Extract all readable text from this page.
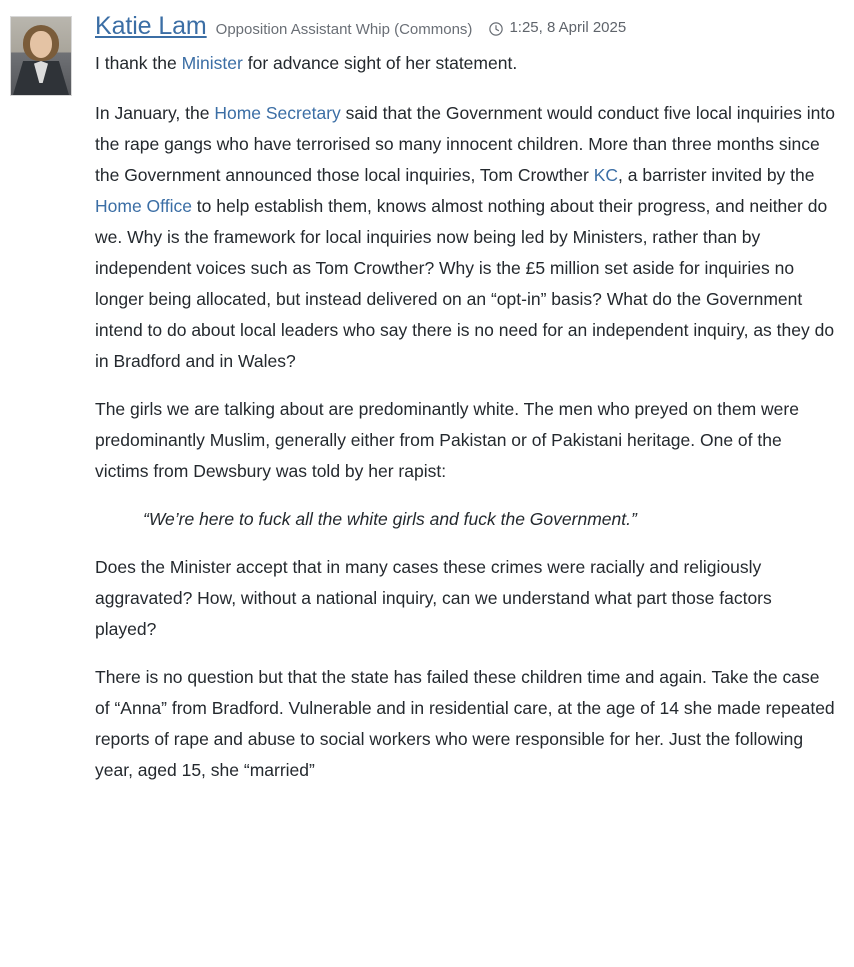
Katie Lam Opposition Assistant Whip (Commons) 1:25, 8 April 2025

I thank the Minister for advance sight of her statement.

In January, the Home Secretary said that the Government would conduct five local inquiries into the rape gangs who have terrorised so many innocent children. More than three months since the Government announced those local inquiries, Tom Crowther KC, a barrister invited by the Home Office to help establish them, knows almost nothing about their progress, and neither do we. Why is the framework for local inquiries now being led by Ministers, rather than by independent voices such as Tom Crowther? Why is the £5 million set aside for inquiries no longer being allocated, but instead delivered on an “opt-in” basis? What do the Government intend to do about local leaders who say there is no need for an independent inquiry, as they do in Bradford and in Wales?

The girls we are talking about are predominantly white. The men who preyed on them were predominantly Muslim, generally either from Pakistan or of Pakistani heritage. One of the victims from Dewsbury was told by her rapist:

“We’re here to fuck all the white girls and fuck the Government.”

Does the Minister accept that in many cases these crimes were racially and religiously aggravated? How, without a national inquiry, can we understand what part those factors played?

There is no question but that the state has failed these children time and again. Take the case of “Anna” from Bradford. Vulnerable and in residential care, at the age of 14 she made repeated reports of rape and abuse to social workers who were responsible for her. Just the following year, aged 15, she “married”
